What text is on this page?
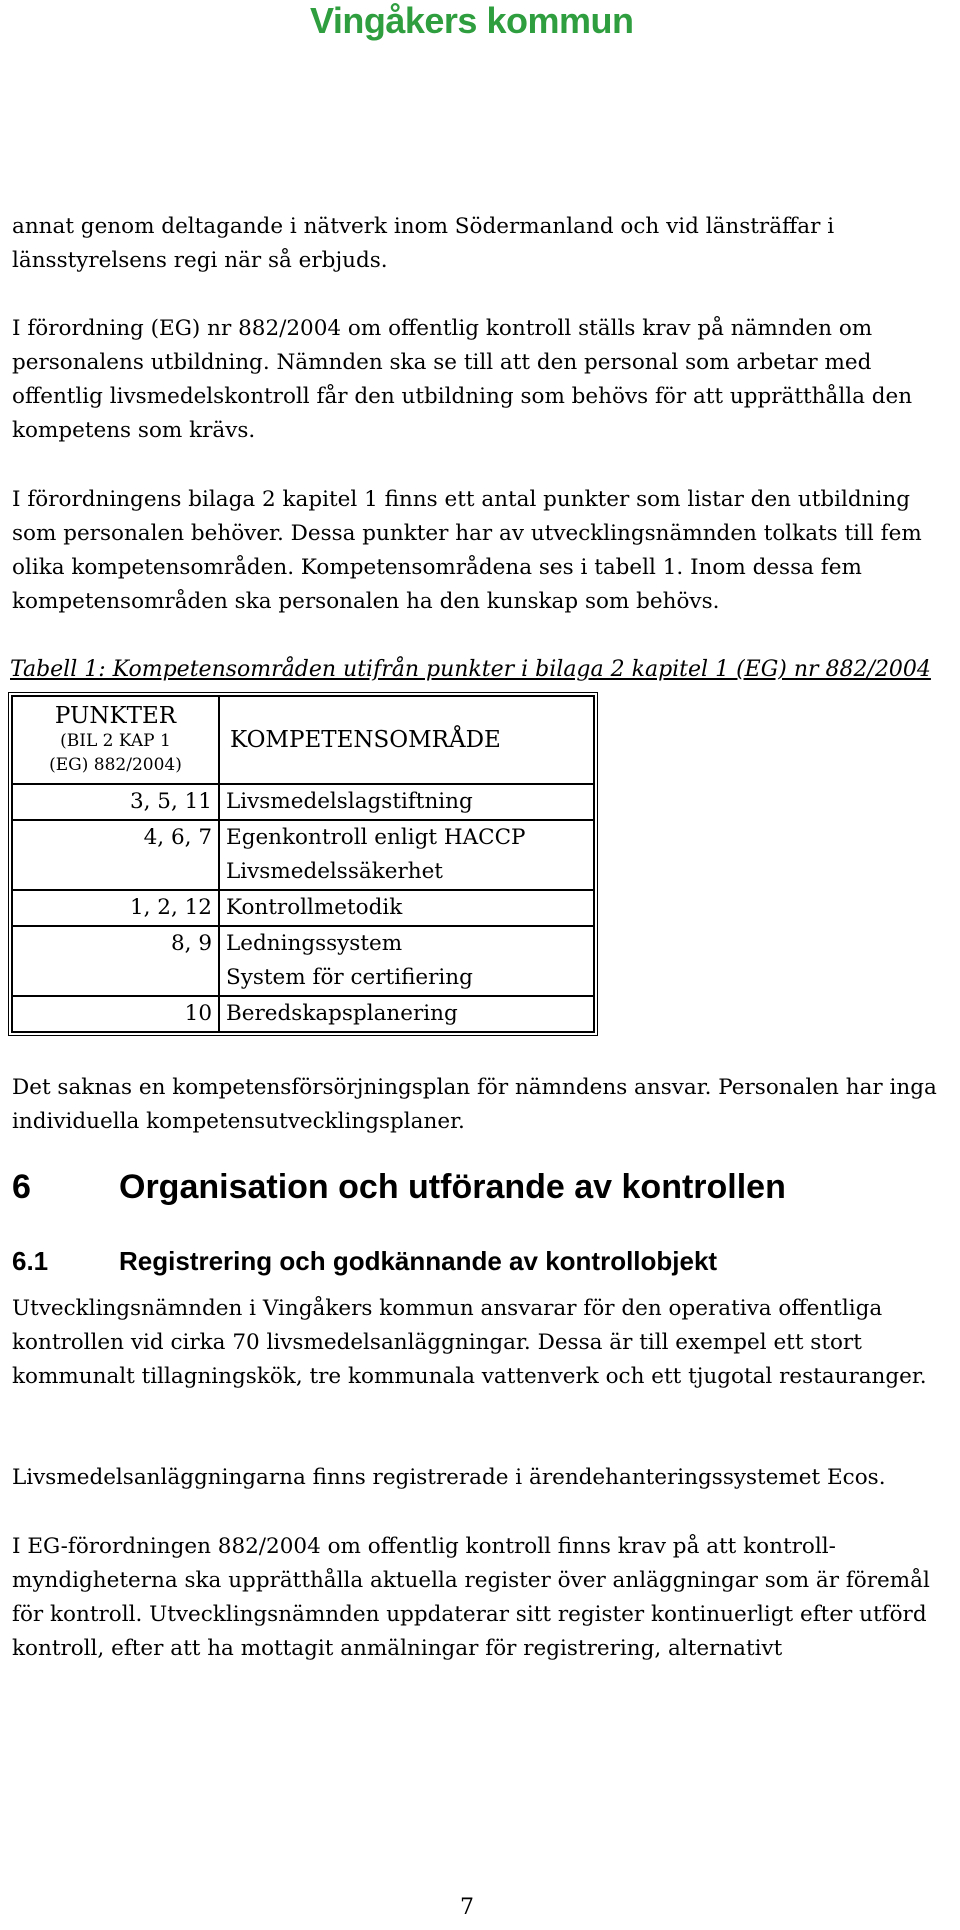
Vingåkers kommun

annat genom deltagande i nätverk inom Södermanland och vid länsträffar i länsstyrelsens regi när så erbjuds.

I förordning (EG) nr 882/2004 om offentlig kontroll ställs krav på nämnden om personalens utbildning. Nämnden ska se till att den personal som arbetar med offentlig livsmedelskontroll får den utbildning som behövs för att upprätthålla den kompetens som krävs.

I förordningens bilaga 2 kapitel 1 finns ett antal punkter som listar den utbildning som personalen behöver. Dessa punkter har av utvecklingsnämnden tolkats till fem olika kompetensområden. Kompetensområdena ses i tabell 1. Inom dessa fem kompetensområden ska personalen ha den kunskap som behövs.

Tabell 1: Kompetensområden utifrån punkter i bilaga 2 kapitel 1 (EG) nr 882/2004
PUNKTER
(BIL 2 KAP 1
(EG) 882/2004)	KOMPETENSOMRÅDE
3, 5, 11	Livsmedelslagstiftning
4, 6, 7	Egenkontroll enligt HACCP
Livsmedelssäkerhet

1, 2, 12	Kontrollmetodik
8, 9	Ledningssystem
System för certifiering

10	Beredskapsplanering

Det saknas en kompetensförsörjningsplan för nämndens ansvar. Personalen har inga individuella kompetensutvecklingsplaner.

6	Organisation och utförande av kontrollen
6.1	Registrering och godkännande av kontrollobjekt

Utvecklingsnämnden i Vingåkers kommun ansvarar för den operativa offentliga kontrollen vid cirka 70 livsmedelsanläggningar. Dessa är till exempel ett stort kommunalt tillagningskök, tre kommunala vattenverk och ett tjugotal restauranger.

Livsmedelsanläggningarna finns registrerade i ärendehanteringssystemet Ecos.

I EG-förordningen 882/2004 om offentlig kontroll finns krav på att kontroll-myndigheterna ska upprätthålla aktuella register över anläggningar som är föremål för kontroll. Utvecklingsnämnden uppdaterar sitt register kontinuerligt efter utförd kontroll, efter att ha mottagit anmälningar för registrering, alternativt

7
